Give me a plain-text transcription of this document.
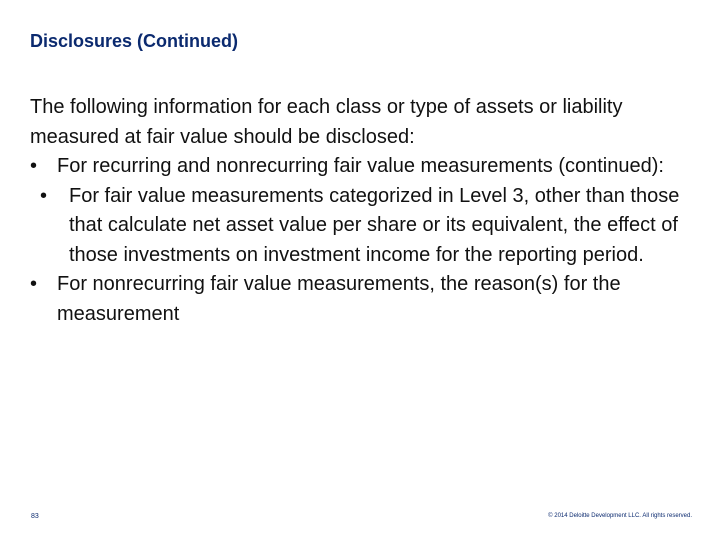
Disclosures (Continued)

The following information for each class or type of assets or liability measured at fair value should be disclosed:

• For recurring and nonrecurring fair value measurements (continued):
• For fair value measurements categorized in Level 3, other than those that calculate net asset value per share or its equivalent, the effect of those investments on investment income for the reporting period.
• For nonrecurring fair value measurements, the reason(s) for the measurement
83	© 2014 Deloitte Development LLC. All rights reserved.
